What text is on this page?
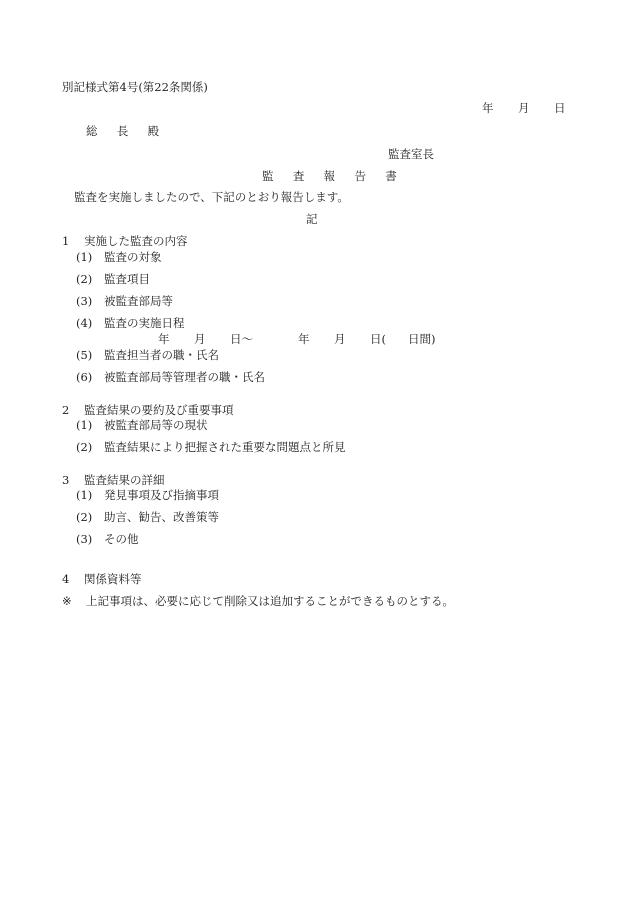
別記様式第4号(第22条関係)
年 月 日
総 長 殿
監査室長
監 査 報 告 書
監査を実施しましたので、下記のとおり報告します。
記
1 実施した監査の内容
(1) 監査の対象
(2) 監査項目
(3) 被監査部局等
(4) 監査の実施日程
年 月 日〜	年 月 日( 日間)
(5) 監査担当者の職・氏名
(6) 被監査部局等管理者の職・氏名
2 監査結果の要約及び重要事項
(1) 被監査部局等の現状
(2) 監査結果により把握された重要な問題点と所見
3 監査結果の詳細
(1) 発見事項及び指摘事項
(2) 助言、勧告、改善策等
(3) その他
4 関係資料等
※ 上記事項は、必要に応じて削除又は追加することができるものとする。
